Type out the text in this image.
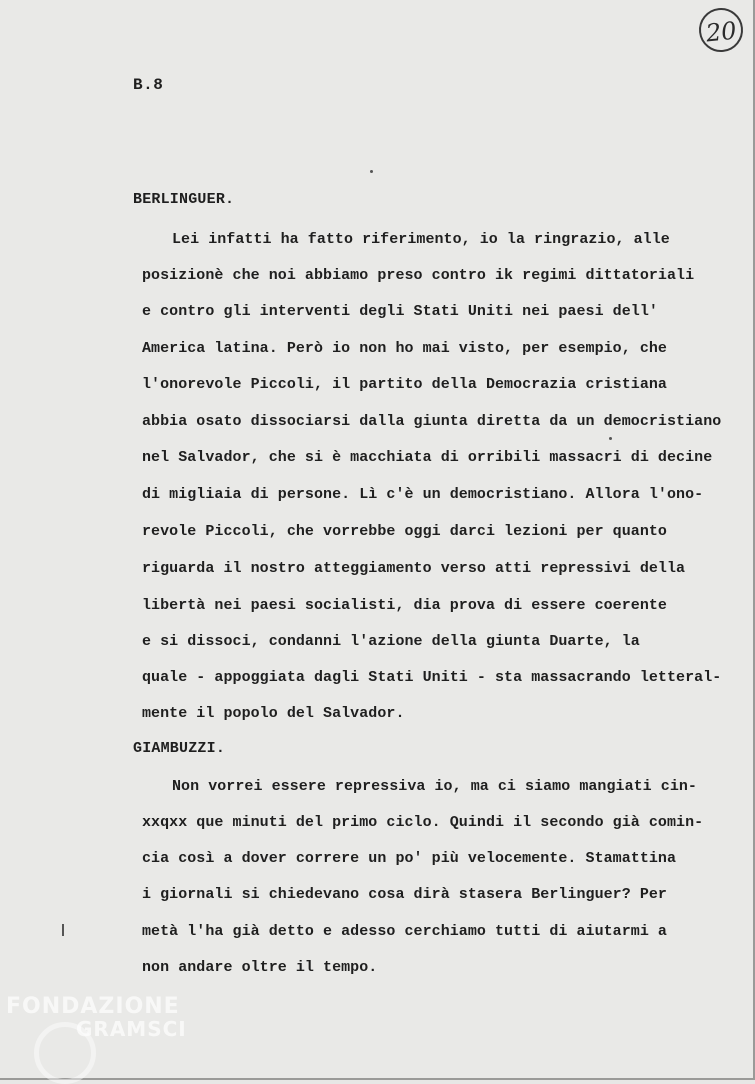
20
B.8
BERLINGUER.
Lei infatti ha fatto riferimento, io la ringrazio, alle
posizionè che noi abbiamo preso contro ik regimi dittatoriali
e contro gli interventi degli Stati Uniti nei paesi dell'
America latina. Però io non ho mai visto, per esempio, che
l'onorevole Piccoli, il partito della Democrazia cristiana
abbia osato dissociarsi dalla giunta diretta da un democristiano
nel Salvador, che si è macchiata di orribili massacri di decine
di migliaia di persone. Lì c'è un democristiano. Allora l'ono-
revole Piccoli, che vorrebbe oggi darci lezioni per quanto
riguarda il nostro atteggiamento verso atti repressivi della
libertà nei paesi socialisti, dia prova di essere coerente
e si dissoci, condanni l'azione della giunta Duarte, la
quale - appoggiata dagli Stati Uniti - sta massacrando letteral-
mente il popolo del Salvador.
GIAMBUZZI.
Non vorrei essere repressiva io, ma ci siamo mangiati cin-
xxqxx que minuti del primo ciclo. Quindi il secondo già comin-
cia così a dover correre un po' più velocemente. Stamattina
i giornali si chiedevano cosa dirà stasera Berlinguer? Per
metà l'ha già detto e adesso cerchiamo tutti di aiutarmi a
non andare oltre il tempo.
FONDAZIONE
GRAMSCI
